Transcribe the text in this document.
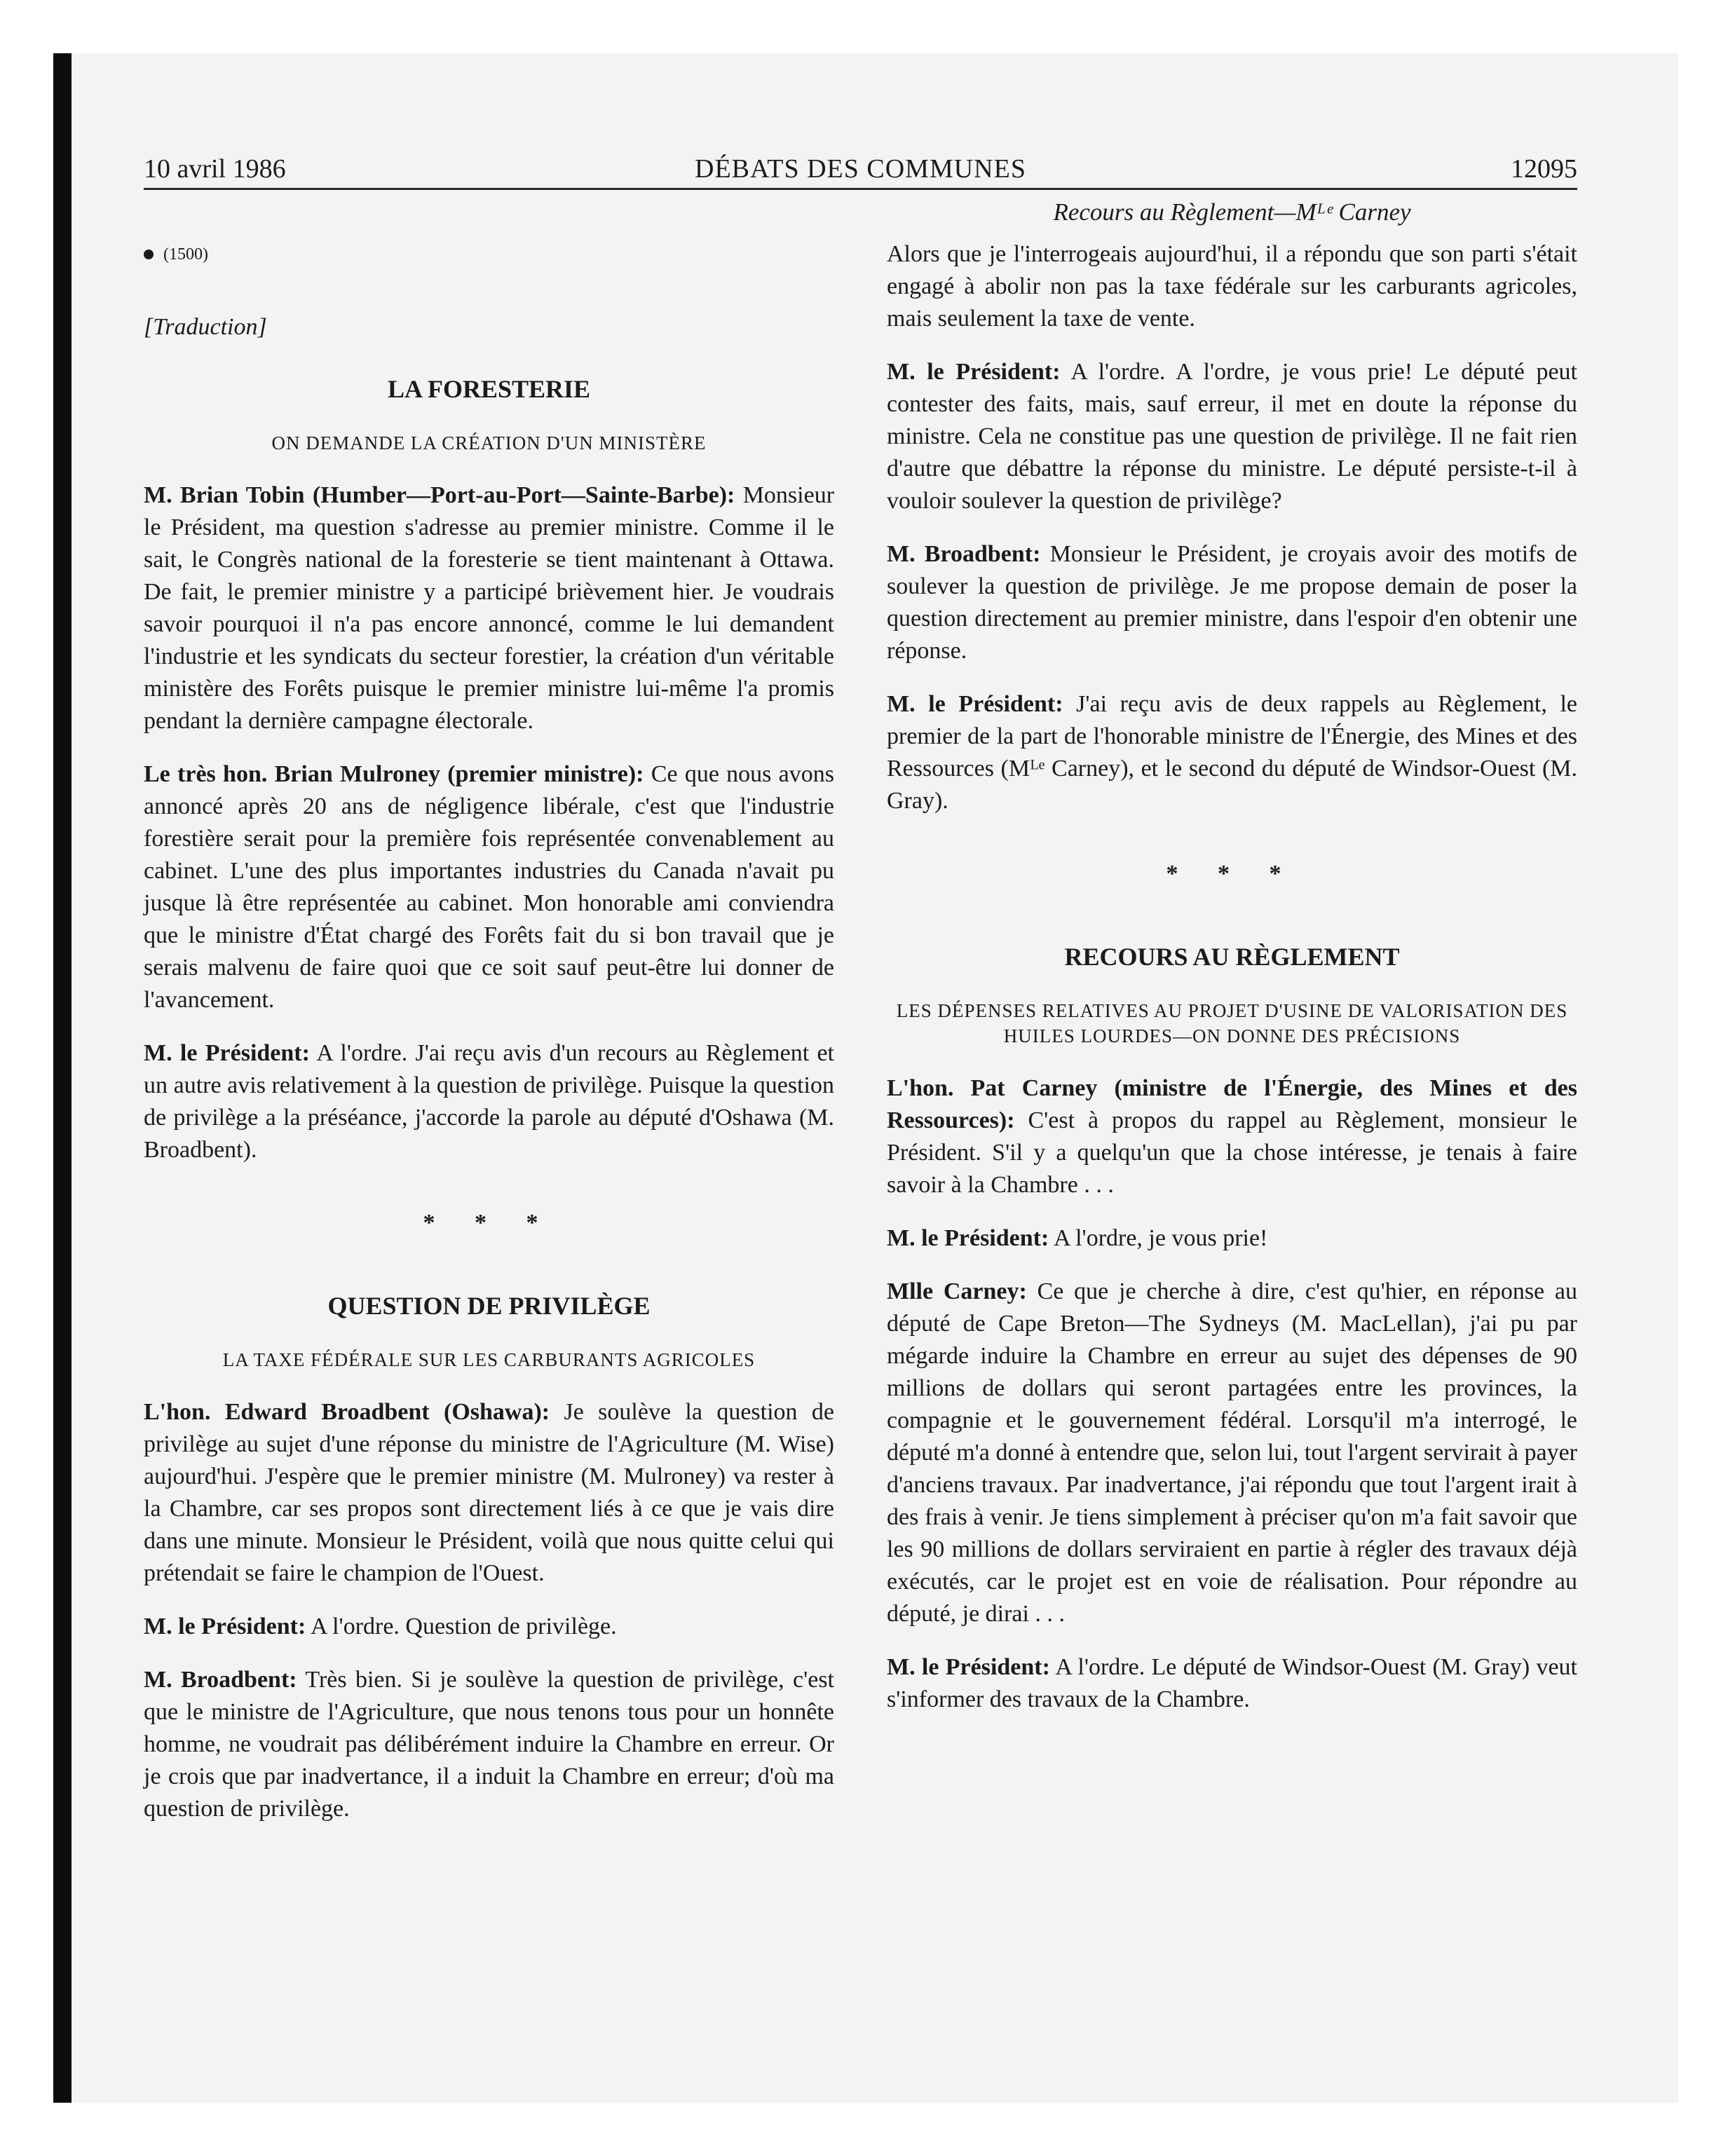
10 avril 1986	DÉBATS DES COMMUNES	12095
(1500)
[Traduction]
LA FORESTERIE
ON DEMANDE LA CRÉATION D'UN MINISTÈRE

M. Brian Tobin (Humber—Port-au-Port—Sainte-Barbe): Monsieur le Président, ma question s'adresse au premier ministre. Comme il le sait, le Congrès national de la foresterie se tient maintenant à Ottawa. De fait, le premier ministre y a participé brièvement hier. Je voudrais savoir pourquoi il n'a pas encore annoncé, comme le lui demandent l'industrie et les syndicats du secteur forestier, la création d'un véritable ministère des Forêts puisque le premier ministre lui-même l'a promis pendant la dernière campagne électorale.

Le très hon. Brian Mulroney (premier ministre): Ce que nous avons annoncé après 20 ans de négligence libérale, c'est que l'industrie forestière serait pour la première fois représentée convenablement au cabinet. L'une des plus importantes industries du Canada n'avait pu jusque là être représentée au cabinet. Mon honorable ami conviendra que le ministre d'État chargé des Forêts fait du si bon travail que je serais malvenu de faire quoi que ce soit sauf peut-être lui donner de l'avancement.

M. le Président: A l'ordre. J'ai reçu avis d'un recours au Règlement et un autre avis relativement à la question de privilège. Puisque la question de privilège a la préséance, j'accorde la parole au député d'Oshawa (M. Broadbent).

* * *
QUESTION DE PRIVILÈGE
LA TAXE FÉDÉRALE SUR LES CARBURANTS AGRICOLES

L'hon. Edward Broadbent (Oshawa): Je soulève la question de privilège au sujet d'une réponse du ministre de l'Agriculture (M. Wise) aujourd'hui. J'espère que le premier ministre (M. Mulroney) va rester à la Chambre, car ses propos sont directement liés à ce que je vais dire dans une minute. Monsieur le Président, voilà que nous quitte celui qui prétendait se faire le champion de l'Ouest.

M. le Président: A l'ordre. Question de privilège.

M. Broadbent: Très bien. Si je soulève la question de privilège, c'est que le ministre de l'Agriculture, que nous tenons tous pour un honnête homme, ne voudrait pas délibérément induire la Chambre en erreur. Or je crois que par inadvertance, il a induit la Chambre en erreur; d'où ma question de privilège.

Recours au Règlement—Mᴸᵉ Carney

Alors que je l'interrogeais aujourd'hui, il a répondu que son parti s'était engagé à abolir non pas la taxe fédérale sur les carburants agricoles, mais seulement la taxe de vente.

M. le Président: A l'ordre. A l'ordre, je vous prie! Le député peut contester des faits, mais, sauf erreur, il met en doute la réponse du ministre. Cela ne constitue pas une question de privilège. Il ne fait rien d'autre que débattre la réponse du ministre. Le député persiste-t-il à vouloir soulever la question de privilège?

M. Broadbent: Monsieur le Président, je croyais avoir des motifs de soulever la question de privilège. Je me propose demain de poser la question directement au premier ministre, dans l'espoir d'en obtenir une réponse.

M. le Président: J'ai reçu avis de deux rappels au Règlement, le premier de la part de l'honorable ministre de l'Énergie, des Mines et des Ressources (Mᴸᵉ Carney), et le second du député de Windsor-Ouest (M. Gray).

* * *
RECOURS AU RÈGLEMENT
LES DÉPENSES RELATIVES AU PROJET D'USINE DE VALORISATION DES HUILES LOURDES—ON DONNE DES PRÉCISIONS

L'hon. Pat Carney (ministre de l'Énergie, des Mines et des Ressources): C'est à propos du rappel au Règlement, monsieur le Président. S'il y a quelqu'un que la chose intéresse, je tenais à faire savoir à la Chambre . . .

M. le Président: A l'ordre, je vous prie!

Mlle Carney: Ce que je cherche à dire, c'est qu'hier, en réponse au député de Cape Breton—The Sydneys (M. MacLellan), j'ai pu par mégarde induire la Chambre en erreur au sujet des dépenses de 90 millions de dollars qui seront partagées entre les provinces, la compagnie et le gouvernement fédéral. Lorsqu'il m'a interrogé, le député m'a donné à entendre que, selon lui, tout l'argent servirait à payer d'anciens travaux. Par inadvertance, j'ai répondu que tout l'argent irait à des frais à venir. Je tiens simplement à préciser qu'on m'a fait savoir que les 90 millions de dollars serviraient en partie à régler des travaux déjà exécutés, car le projet est en voie de réalisation. Pour répondre au député, je dirai . . .

M. le Président: A l'ordre. Le député de Windsor-Ouest (M. Gray) veut s'informer des travaux de la Chambre.
